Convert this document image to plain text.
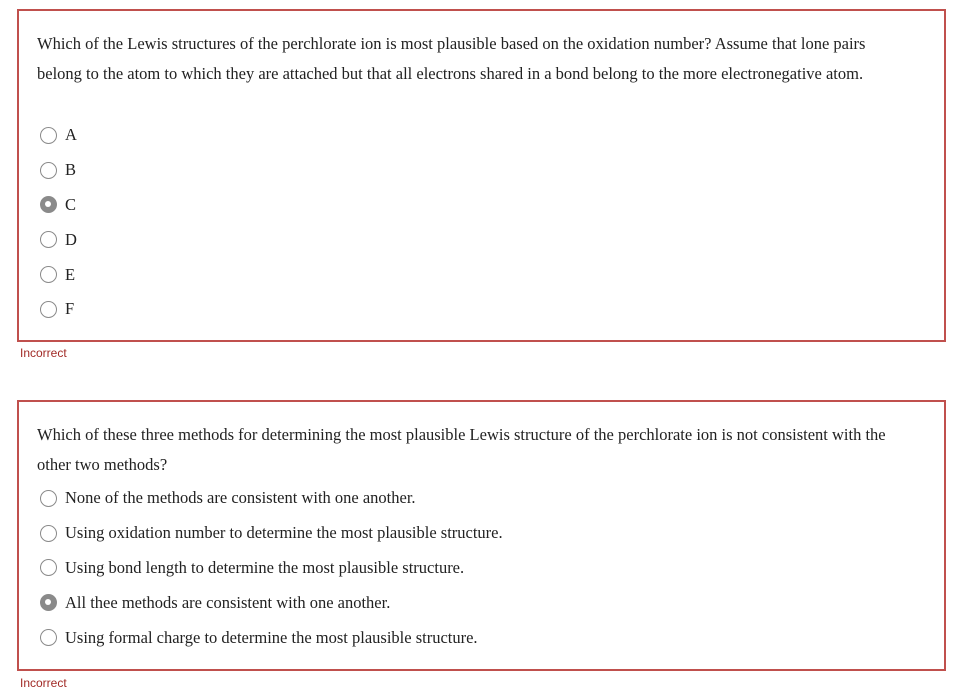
Which of the Lewis structures of the perchlorate ion is most plausible based on the oxidation number? Assume that lone pairs belong to the atom to which they are attached but that all electrons shared in a bond belong to the more electronegative atom.

A
B
C
D
E
F
Incorrect

Which of these three methods for determining the most plausible Lewis structure of the perchlorate ion is not consistent with the other two methods?

None of the methods are consistent with one another.
Using oxidation number to determine the most plausible structure.
Using bond length to determine the most plausible structure.
All thee methods are consistent with one another.
Using formal charge to determine the most plausible structure.
Incorrect
